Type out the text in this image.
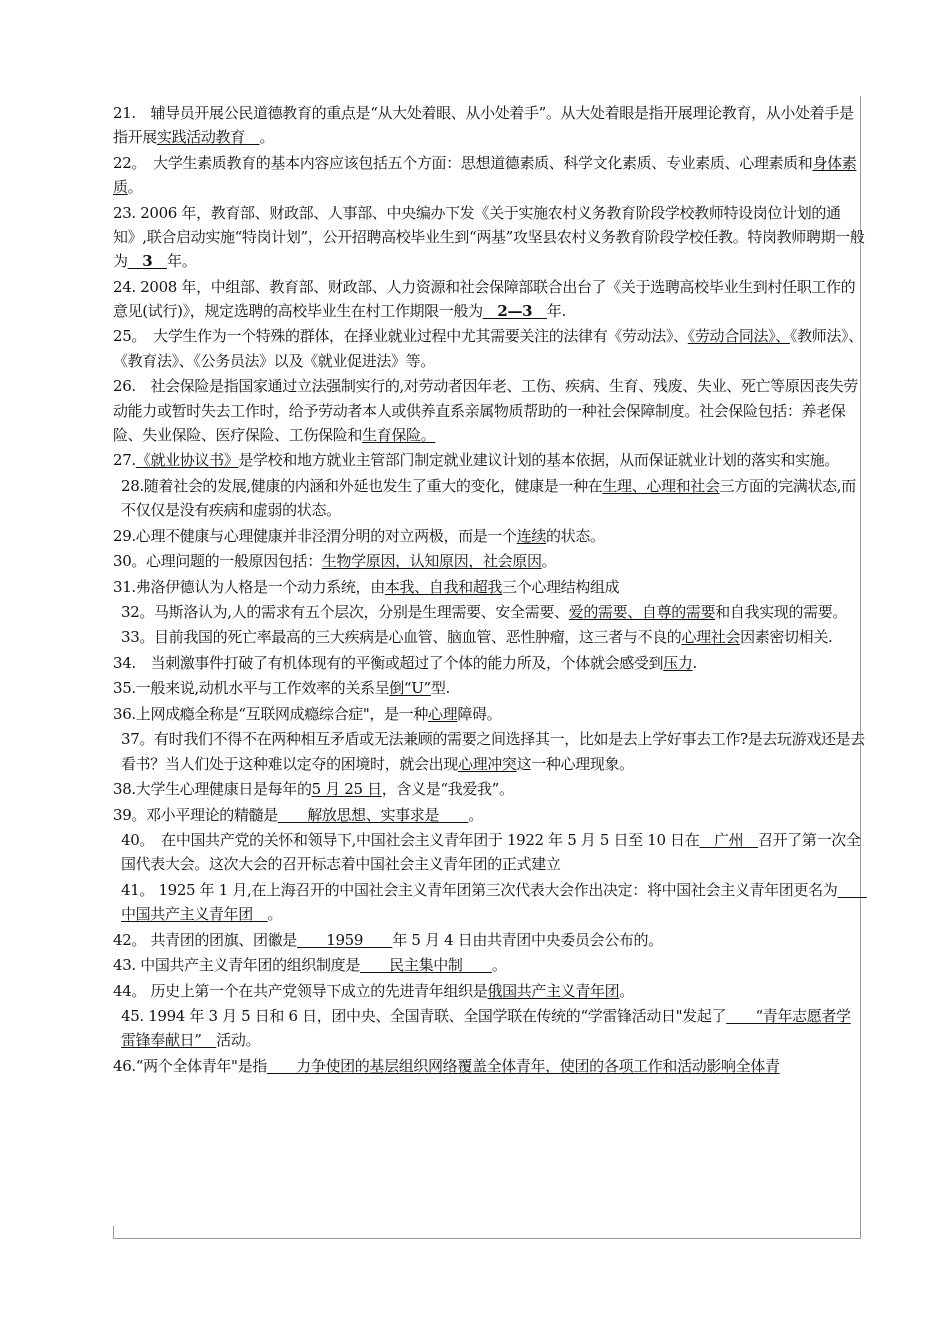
21.　辅导员开展公民道德教育的重点是“从大处着眼、从小处着手”。从大处着眼是指开展理论教育，从小处着手是指开展实践活动教育　。
22。　大学生素质教育的基本内容应该包括五个方面：思想道德素质、科学文化素质、专业素质、心理素质和身体素质。
23. 2006 年，教育部、财政部、人事部、中央编办下发《关于实施农村义务教育阶段学校教师特设岗位计划的通知》,联合启动实施“特岗计划”，公开招聘高校毕业生到“两基”攻坚县农村义务教育阶段学校任教。特岗教师聘期一般为　3　年。
24. 2008 年，中组部、教育部、财政部、人力资源和社会保障部联合出台了《关于选聘高校毕业生到村任职工作的意见(试行)》，规定选聘的高校毕业生在村工作期限一般为　2—3　年.
25。　大学生作为一个特殊的群体，在择业就业过程中尤其需要关注的法律有《劳动法》、《劳动合同法》、《教师法》、《教育法》、《公务员法》以及《就业促进法》等。
26.　社会保险是指国家通过立法强制实行的,对劳动者因年老、工伤、疾病、生育、残废、失业、死亡等原因丧失劳动能力或暂时失去工作时，给予劳动者本人或供养直系亲属物质帮助的一种社会保障制度。社会保险包括：养老保险、失业保险、医疗保险、工伤保险和生育保险。
27.《就业协议书》是学校和地方就业主管部门制定就业建议计划的基本依据，从而保证就业计划的落实和实施。
28.随着社会的发展,健康的内涵和外延也发生了重大的变化，健康是一种在生理、心理和社会三方面的完满状态,而不仅仅是没有疾病和虚弱的状态。
29.心理不健康与心理健康并非泾渭分明的对立两极，而是一个连续的状态。
30。心理问题的一般原因包括：生物学原因，认知原因，社会原因。
31.弗洛伊德认为人格是一个动力系统，由本我、自我和超我三个心理结构组成
32。马斯洛认为,人的需求有五个层次，分别是生理需要、安全需要、爱的需要、自尊的需要和自我实现的需要。
33。目前我国的死亡率最高的三大疾病是心血管、脑血管、恶性肿瘤，这三者与不良的心理社会因素密切相关.
34.　当刺激事件打破了有机体现有的平衡或超过了个体的能力所及，个体就会感受到压力.
35.一般来说,动机水平与工作效率的关系呈倒“U”型.
36.上网成瘾全称是“互联网成瘾综合症"，是一种心理障碍。
37。有时我们不得不在两种相互矛盾或无法兼顾的需要之间选择其一，比如是去上学好事去工作?是去玩游戏还是去看书？当人们处于这种难以定夺的困境时，就会出现心理冲突这一种心理现象。
38.大学生心理健康日是每年的5 月 25 日，含义是“我爱我”。
39。邓小平理论的精髓是　　解放思想、实事求是　　。
40。　在中国共产党的关怀和领导下,中国社会主义青年团于 1922 年 5 月 5 日至 10 日在　广州　召开了第一次全国代表大会。这次大会的召开标志着中国社会主义青年团的正式建立
41。 1925 年 1 月,在上海召开的中国社会主义青年团第三次代表大会作出决定：将中国社会主义青年团更名为　　中国共产主义青年团　。
42。 共青团的团旗、团徽是　　1959　　年 5 月 4 日由共青团中央委员会公布的。
43. 中国共产主义青年团的组织制度是　　民主集中制　　。
44。 历史上第一个在共产党领导下成立的先进青年组织是俄国共产主义青年团。
45. 1994 年 3 月 5 日和 6 日，团中央、全国青联、全国学联在传统的“学雷锋活动日"发起了　　“青年志愿者学雷锋奉献日”　活动。
46.“两个全体青年"是指　　力争使团的基层组织网络覆盖全体青年，使团的各项工作和活动影响全体青
